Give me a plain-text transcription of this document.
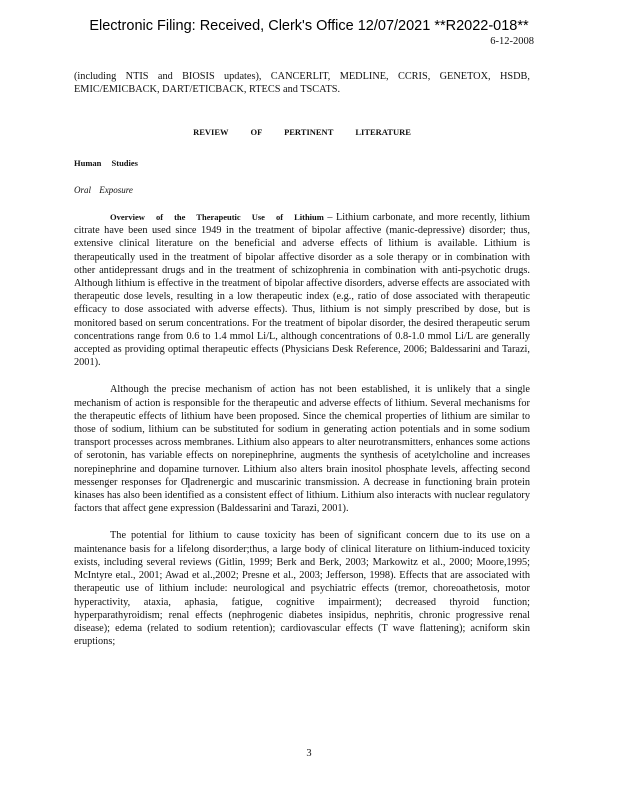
Electronic Filing: Received, Clerk's Office 12/07/2021 **R2022-018**
6-12-2008

(including NTIS and BIOSIS updates), CANCERLIT, MEDLINE, CCRIS, GENETOX, HSDB, EMIC/EMICBACK, DART/ETICBACK, RTECS and TSCATS.

REVIEW OF PERTINENT LITERATURE
Human Studies
Oral Exposure

Overview of the Therapeutic Use of Lithium – Lithium carbonate, and more recently, lithium citrate have been used since 1949 in the treatment of bipolar affective (manic-depressive) disorder; thus, extensive clinical literature on the beneficial and adverse effects of lithium is available. Lithium is therapeutically used in the treatment of bipolar affective disorder as a sole therapy or in combination with other antidepressant drugs and in the treatment of schizophrenia in combination with anti-psychotic drugs. Although lithium is effective in the treatment of bipolar affective disorders, adverse effects are associated with therapeutic dose levels, resulting in a low therapeutic index (e.g., ratio of dose associated with therapeutic efficacy to dose associated with adverse effects). Thus, lithium is not simply prescribed by dose, but is monitored based on serum concentrations. For the treatment of bipolar disorder, the desired therapeutic serum concentrations range from 0.6 to 1.4 mmol Li/L, although concentrations of 0.8-1.0 mmol Li/L are generally accepted as providing optimal therapeutic effects (Physicians Desk Reference, 2006; Baldessarini and Tarazi, 2001).

Although the precise mechanism of action has not been established, it is unlikely that a single mechanism of action is responsible for the therapeutic and adverse effects of lithium. Several mechanisms for the therapeutic effects of lithium have been proposed. Since the chemical properties of lithium are similar to those of sodium, lithium can be substituted for sodium in generating action potentials and in some sodium transport processes across membranes. Lithium also appears to alter neurotransmitters, enhances some actions of serotonin, has variable effects on norepinephrine, augments the synthesis of acetylcholine and increases norepinephrine and dopamine turnover. Lithium also alters brain inositol phosphate levels, affecting second messenger responses for Ƣadrenergic and muscarinic transmission. A decrease in functioning brain protein kinases has also been identified as a consistent effect of lithium. Lithium also interacts with nuclear regulatory factors that affect gene expression (Baldessarini and Tarazi, 2001).

The potential for lithium to cause toxicity has been of significant concern due to its use on a maintenance basis for a lifelong disorder;thus, a large body of clinical literature on lithium-induced toxicity exists, including several reviews (Gitlin, 1999; Berk and Berk, 2003; Markowitz et al., 2000; Moore,1995; McIntyre etal., 2001; Awad et al.,2002; Presne et al., 2003; Jefferson, 1998). Effects that are associated with therapeutic use of lithium include: neurological and psychiatric effects (tremor, choreoathetosis, motor hyperactivity, ataxia, aphasia, fatigue, cognitive impairment); decreased thyroid function; hyperparathyroidism; renal effects (nephrogenic diabetes insipidus, nephritis, chronic progressive renal disease); edema (related to sodium retention); cardiovascular effects (T wave flattening); acniform skin eruptions;

3
